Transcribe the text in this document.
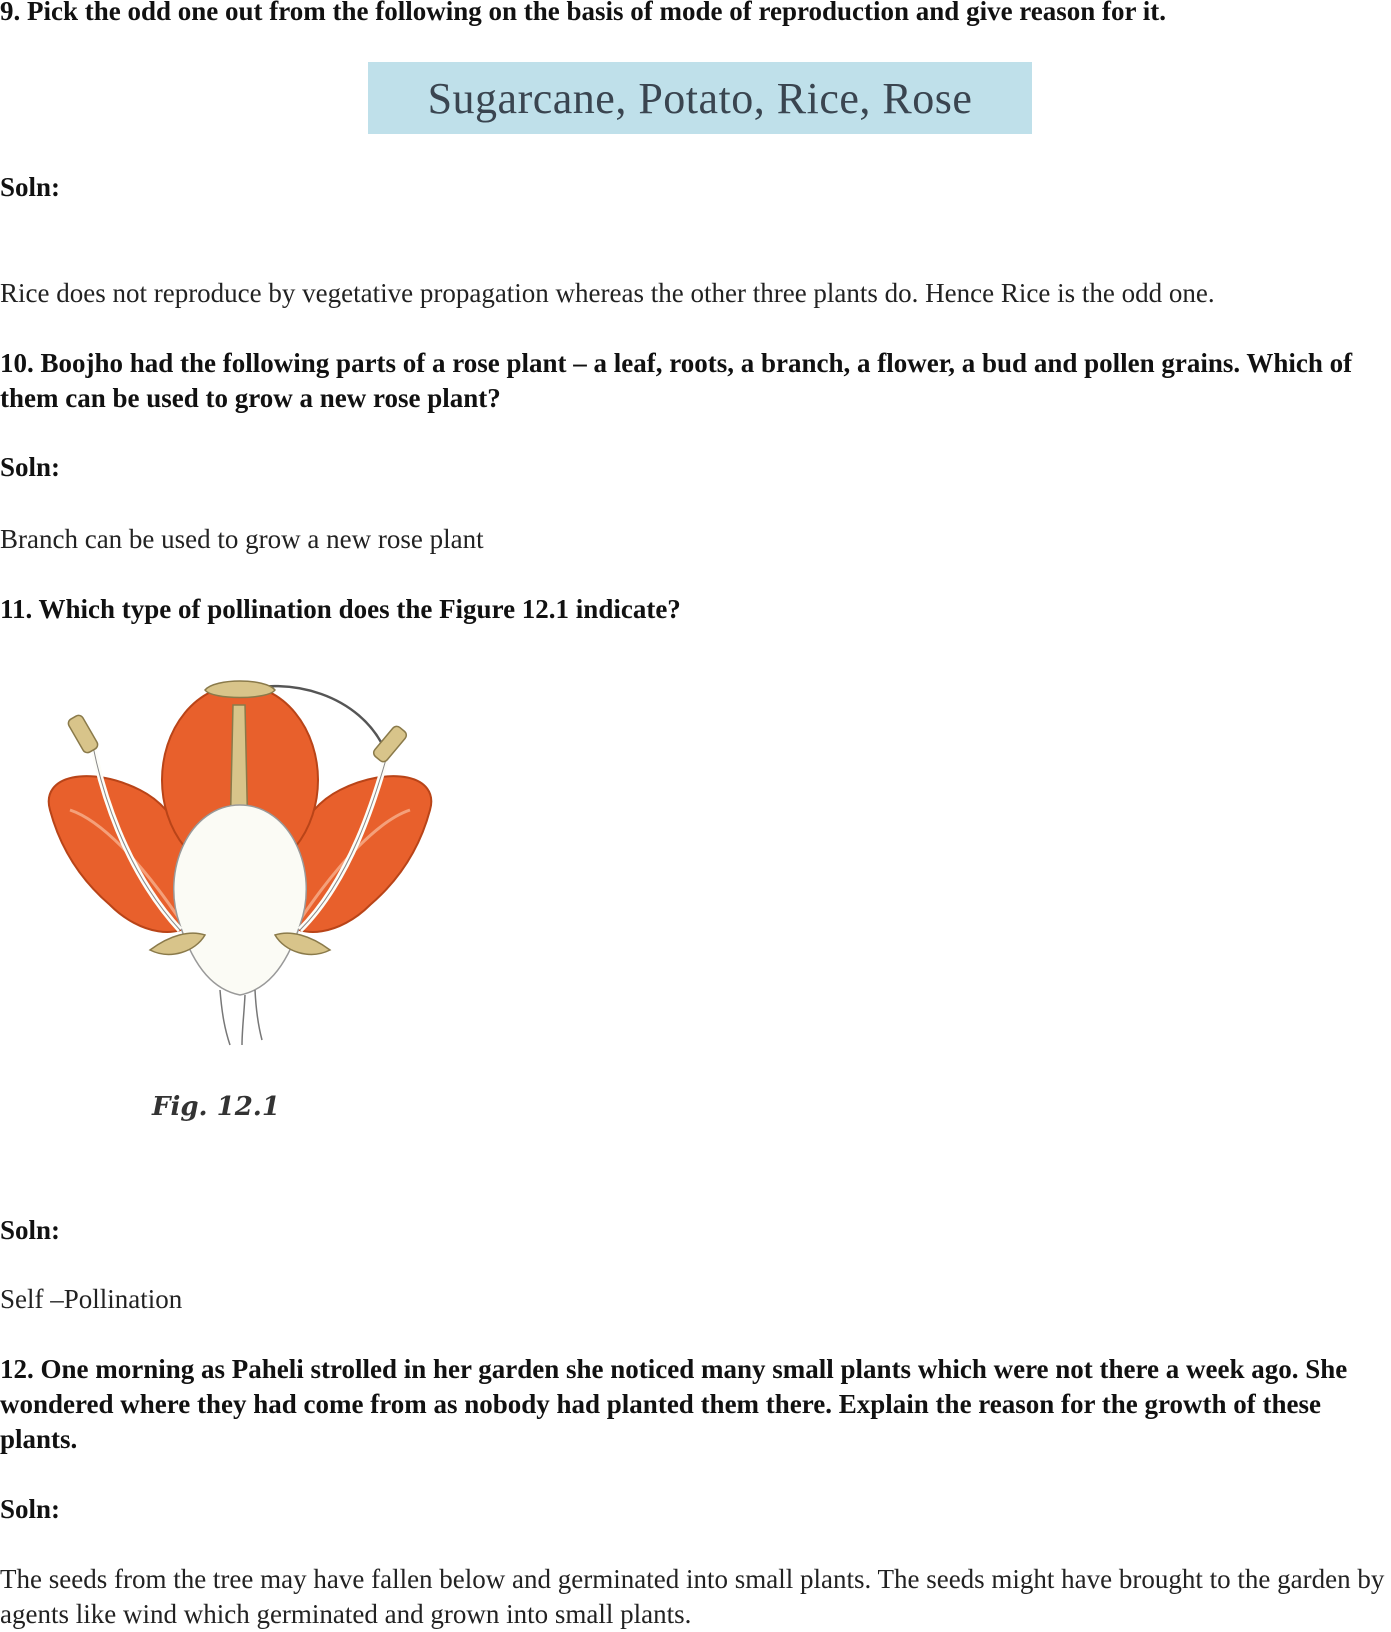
9. Pick the odd one out from the following on the basis of mode of reproduction and give reason for it.

Sugarcane, Potato, Rice, Rose

Soln:

Rice does not reproduce by vegetative propagation whereas the other three plants do. Hence Rice is the odd one.

10. Boojho had the following parts of a rose plant – a leaf, roots, a branch, a flower, a bud and pollen grains. Which of them can be used to grow a new rose plant?

Soln:

Branch can be used to grow a new rose plant

11. Which type of pollination does the Figure 12.1 indicate?

Fig. 12.1

Soln:

Self –Pollination

12. One morning as Paheli strolled in her garden she noticed many small plants which were not there a week ago. She wondered where they had come from as nobody had planted them there. Explain the reason for the growth of these plants.

Soln:

The seeds from the tree may have fallen below and germinated into small plants. The seeds might have brought to the garden by agents like wind which germinated and grown into small plants.
